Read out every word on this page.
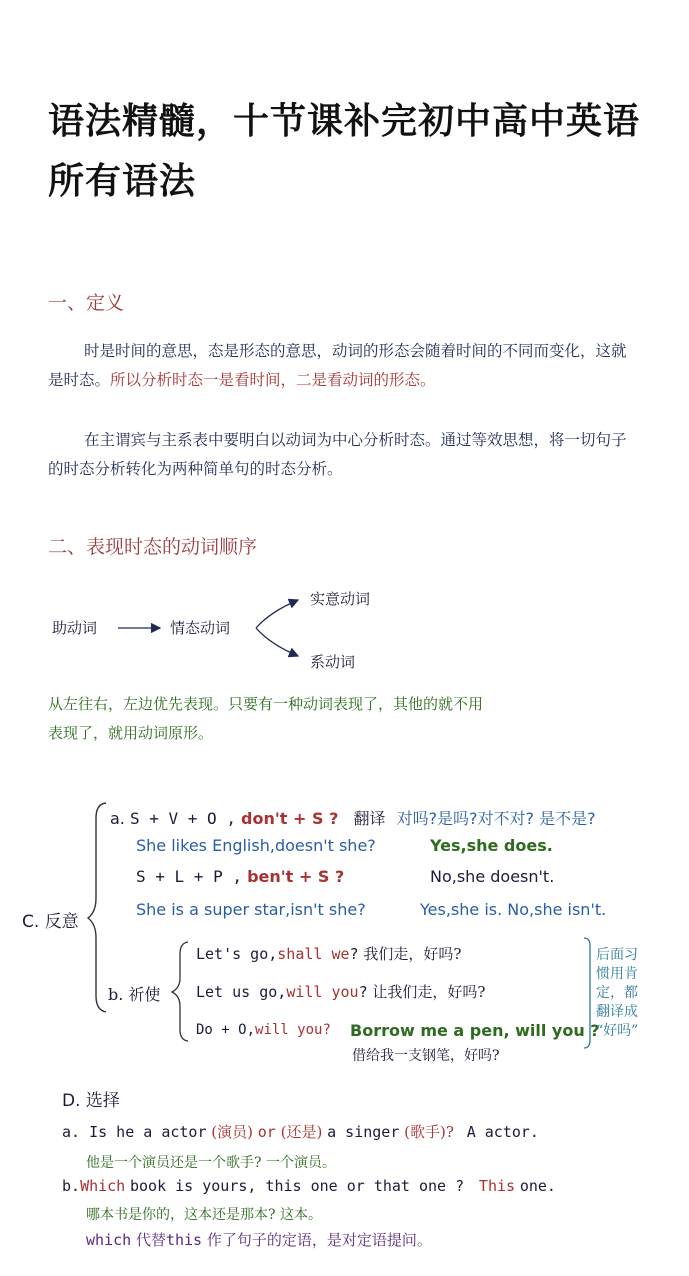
语法精髓，十节课补完初中高中英语所有语法
一、定义
时是时间的意思，态是形态的意思，动词的形态会随着时间的不同而变化，这就是时态。所以分析时态一是看时间，二是看动词的形态。
在主谓宾与主系表中要明白以动词为中心分析时态。通过等效思想，将一切句子的时态分析转化为两种简单句的时态分析。
二、表现时态的动词顺序
助动词	情态动词
实意动词
系动词
从左往右，左边优先表现。只要有一种动词表现了，其他的就不用
表现了，就用动词原形。
C. 反意
a. S + V + O , don't + S ? 翻译 对吗?是吗?对不对? 是不是?
She likes English,doesn't she?	Yes,she does.
S + L + P , ben't + S ?	No,she doesn't.
She is a super star,isn't she?	Yes,she is. No,she isn't.
b. 祈使
Let's go,shall we? 我们走，好吗?
Let us go,will you? 让我们走，好吗?
Do + O,will you? Borrow me a pen, will you ?
借给我一支钢笔，好吗?
后面习
惯用肯
定，都
翻译成
“好吗”
D. 选择
a. Is he a actor (演员) or (还是) a singer (歌手)? A actor.
他是一个演员还是一个歌手? 一个演员。
b.Which book is yours, this one or that one ? This one.
哪本书是你的，这本还是那本? 这本。
which 代替this 作了句子的定语，是对定语提问。
